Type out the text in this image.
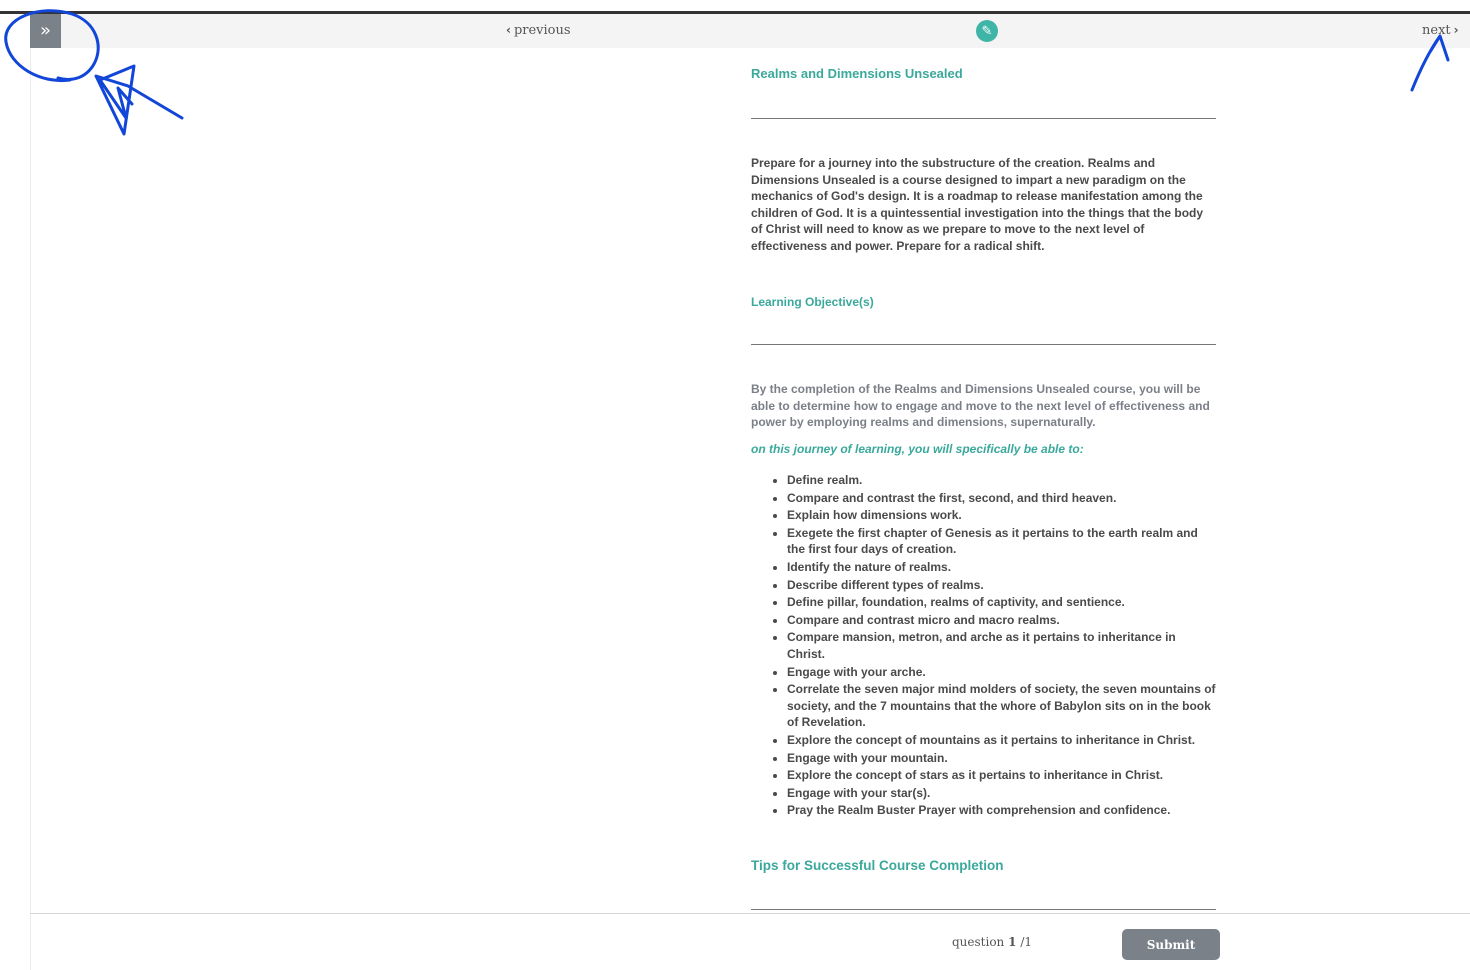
»	‹ previous	✎	next ›
Realms and Dimensions Unsealed

Prepare for a journey into the substructure of the creation. Realms and Dimensions Unsealed is a course designed to impart a new paradigm on the mechanics of God's design. It is a roadmap to release manifestation among the children of God. It is a quintessential investigation into the things that the body of Christ will need to know as we prepare to move to the next level of effectiveness and power. Prepare for a radical shift.

Learning Objective(s)

By the completion of the Realms and Dimensions Unsealed course, you will be able to determine how to engage and move to the next level of effectiveness and power by employing realms and dimensions, supernaturally.

on this journey of learning, you will specifically be able to:
• Define realm.
• Compare and contrast the first, second, and third heaven.
• Explain how dimensions work.
• Exegete the first chapter of Genesis as it pertains to the earth realm and the first four days of creation.
• Identify the nature of realms.
• Describe different types of realms.
• Define pillar, foundation, realms of captivity, and sentience.
• Compare and contrast micro and macro realms.
• Compare mansion, metron, and arche as it pertains to inheritance in Christ.
• Engage with your arche.
• Correlate the seven major mind molders of society, the seven mountains of society, and the 7 mountains that the whore of Babylon sits on in the book of Revelation.
• Explore the concept of mountains as it pertains to inheritance in Christ.
• Engage with your mountain.
• Explore the concept of stars as it pertains to inheritance in Christ.
• Engage with your star(s).
• Pray the Realm Buster Prayer with comprehension and confidence.
Tips for Successful Course Completion
question 1 /1	Submit
